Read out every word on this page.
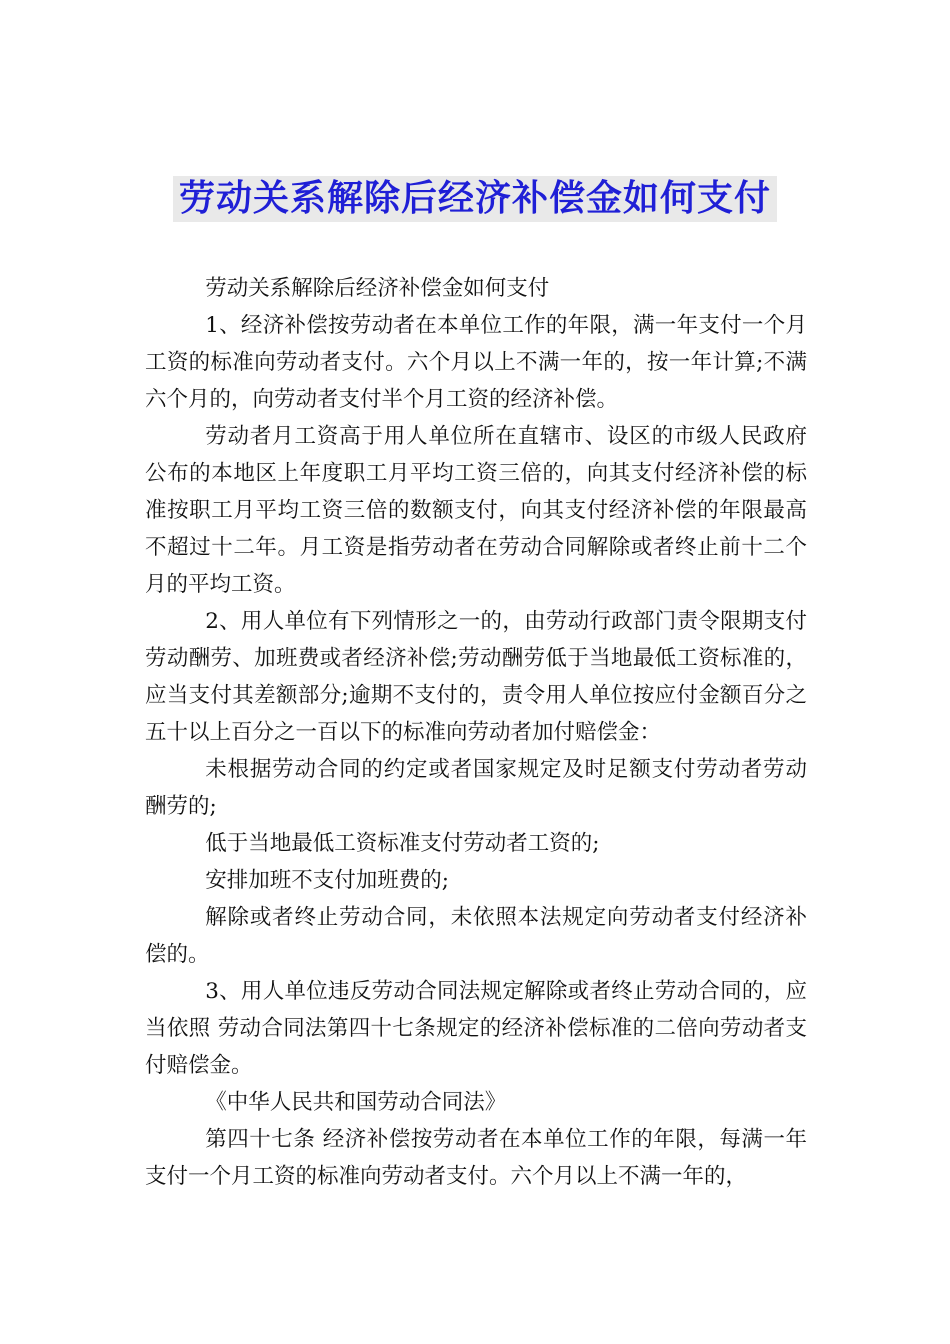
劳动关系解除后经济补偿金如何支付

劳动关系解除后经济补偿金如何支付

1、经济补偿按劳动者在本单位工作的年限，满一年支付一个月工资的标准向劳动者支付。六个月以上不满一年的，按一年计算;不满六个月的，向劳动者支付半个月工资的经济补偿。

劳动者月工资高于用人单位所在直辖市、设区的市级人民政府公布的本地区上年度职工月平均工资三倍的，向其支付经济补偿的标准按职工月平均工资三倍的数额支付，向其支付经济补偿的年限最高不超过十二年。月工资是指劳动者在劳动合同解除或者终止前十二个月的平均工资。

2、用人单位有下列情形之一的，由劳动行政部门责令限期支付劳动酬劳、加班费或者经济补偿;劳动酬劳低于当地最低工资标准的，应当支付其差额部分;逾期不支付的，责令用人单位按应付金额百分之五十以上百分之一百以下的标准向劳动者加付赔偿金：

未根据劳动合同的约定或者国家规定及时足额支付劳动者劳动酬劳的;

低于当地最低工资标准支付劳动者工资的;

安排加班不支付加班费的;

解除或者终止劳动合同，未依照本法规定向劳动者支付经济补偿的。

3、用人单位违反劳动合同法规定解除或者终止劳动合同的，应当依照 劳动合同法第四十七条规定的经济补偿标准的二倍向劳动者支付赔偿金。

《中华人民共和国劳动合同法》

第四十七条 经济补偿按劳动者在本单位工作的年限，每满一年支付一个月工资的标准向劳动者支付。六个月以上不满一年的，
